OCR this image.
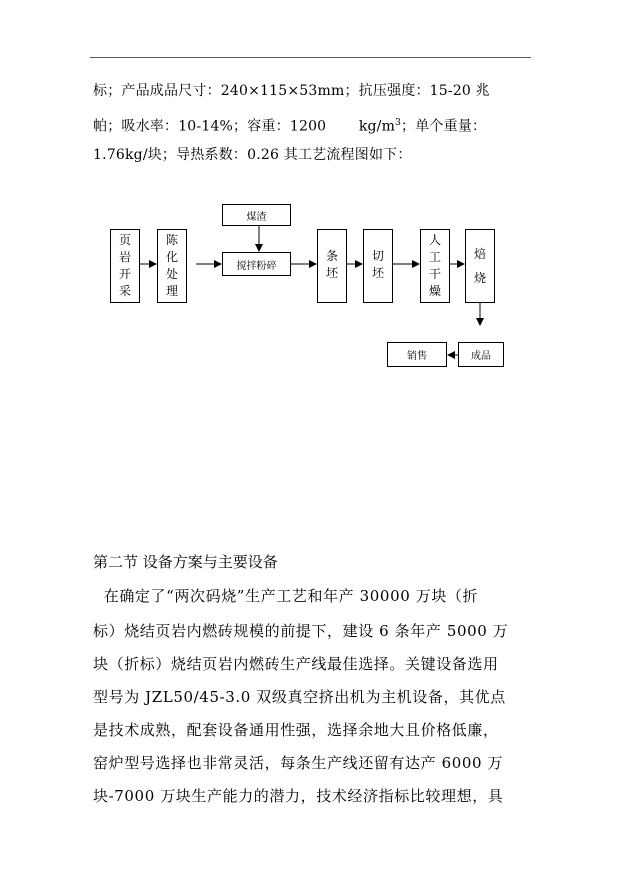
标；产品成品尺寸：240×115×53mm；抗压强度：15-20 兆
帕；吸水率：10-14%；容重：1200       $kg/m^3$；单个重量：
1.76kg/块；导热系数：0.26 其工艺流程图如下：
页
岩
开
采
陈
化
处
理
煤渣
搅拌粉碎
条
坯
切
坯
人
工
干
燥
焙
烧
销售	成品
第二节 设备方案与主要设备
在确定了“两次码烧”生产工艺和年产 30000 万块（折
标）烧结页岩内燃砖规模的前提下，建设 6 条年产 5000 万
块（折标）烧结页岩内燃砖生产线最佳选择。关键设备选用
型号为 JZL50/45-3.0 双级真空挤出机为主机设备，其优点
是技术成熟，配套设备通用性强，选择余地大且价格低廉，
窑炉型号选择也非常灵活，每条生产线还留有达产 6000 万
块-7000 万块生产能力的潜力，技术经济指标比较理想，具
